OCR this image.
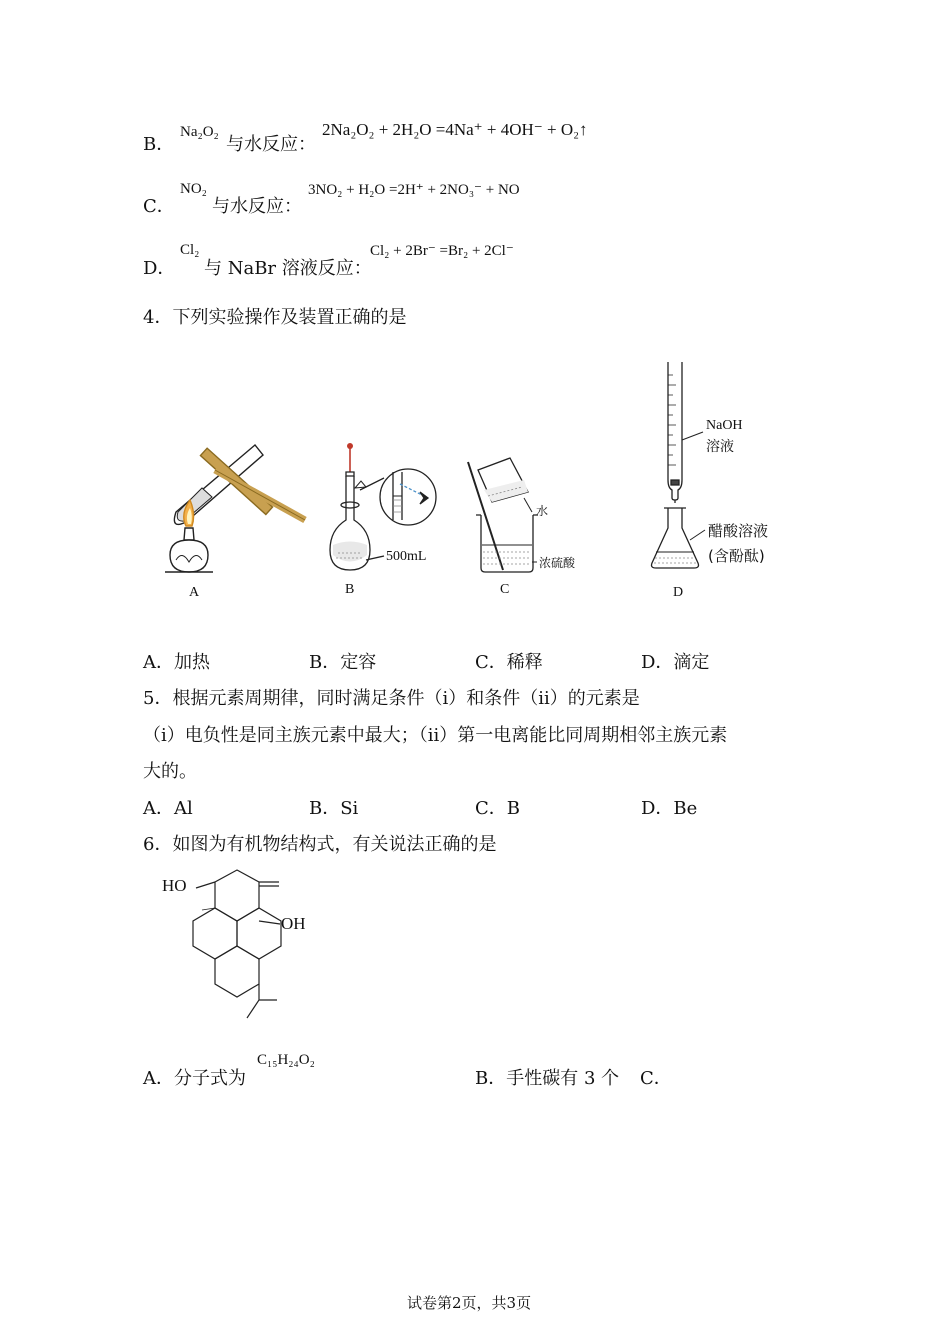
B．
Na₂O₂
与水反应：
2Na₂O₂ + 2H₂O =4Na⁺ + 4OH⁻ + O₂↑
C．
NO₂
与水反应：
3NO₂ + H₂O =2H⁺ + 2NO₃⁻ + NO
D．
Cl₂
与 NaBr 溶液反应：
Cl₂ + 2Br⁻ =Br₂ + 2Cl⁻
4．下列实验操作及装置正确的是
A	B	C	D
500mL
水
浓硫酸
NaOH
溶液
醋酸溶液
(含酚酞)
A．加热	B．定容	C．稀释	D．滴定
5．根据元素周期律，同时满足条件（ⅰ）和条件（ⅱ）的元素是
（ⅰ）电负性是同主族元素中最大；（ⅱ）第一电离能比同周期相邻主族元素
大的。
A．Al	B．Si	C．B	D．Be
6．如图为有机物结构式，有关说法正确的是
HO
OH
A．分子式为
C₁₅H₂₄O₂
B．手性碳有 3 个 C．
试卷第2页，共3页
